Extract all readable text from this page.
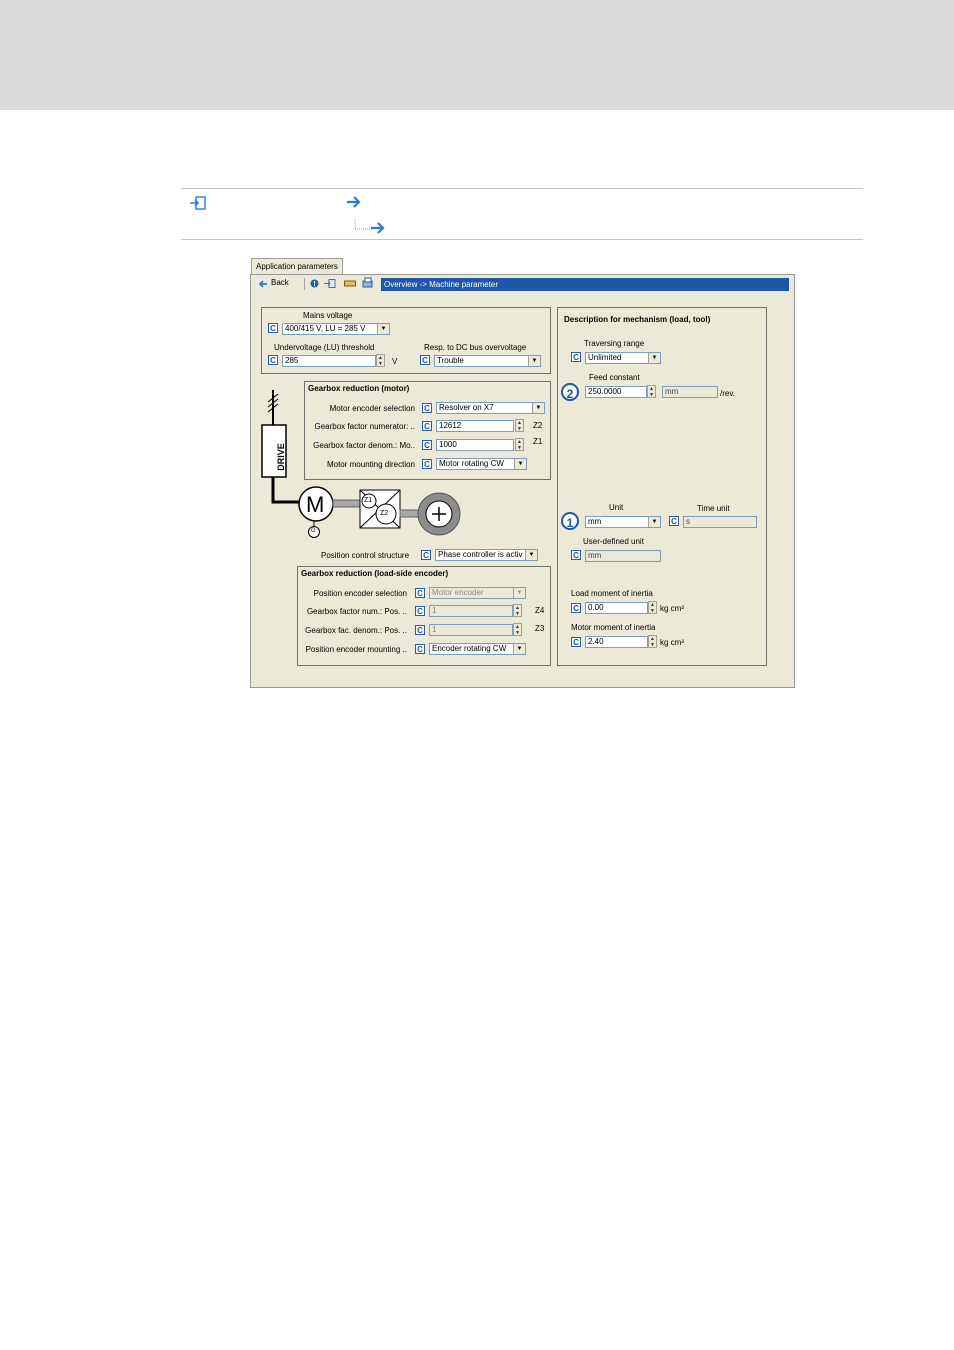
Application parameters
Back	Overview -> Machine parameter
Mains voltage
C	400/415 V, LU = 285 V	▼
Undervoltage (LU) threshold	Resp. to DC bus overvoltage
C	285	▲
▼ V	C	Trouble	▼
Gearbox reduction (motor)
Motor encoder selection C	Resolver on X7	▼
Gearbox factor numerator: .. C	12612	▲
▼ Z2
Gearbox factor denom.: Mo.. C	1000	▲
▼
Z1
Motor mounting direction C	Motor rotating CW	▼
DRIVE
M
G
Z1
Z2
Position control structure C	Phase controller is activ	▼
Gearbox reduction (load-side encoder)
Position encoder selection C	Motor encoder	▼
Gearbox factor num.: Pos. .. C	1	▲
▼ Z4
Gearbox fac. denom.: Pos. .. C	1	▲
▼ Z3
Position encoder mounting .. C	Encoder rotating CW	▼
Description for mechanism (load, tool)
Traversing range
C	Unlimited	▼
Feed constant
2	250.0000	▲
▼	mm	/rev.
Unit	Time unit
1	mm	▼	C	s
User-defined unit
C	mm
Load moment of inertia
C	0.00	▲
▼ kg cm²
Motor moment of inertia
C	2.40	▲
▼ kg cm²
